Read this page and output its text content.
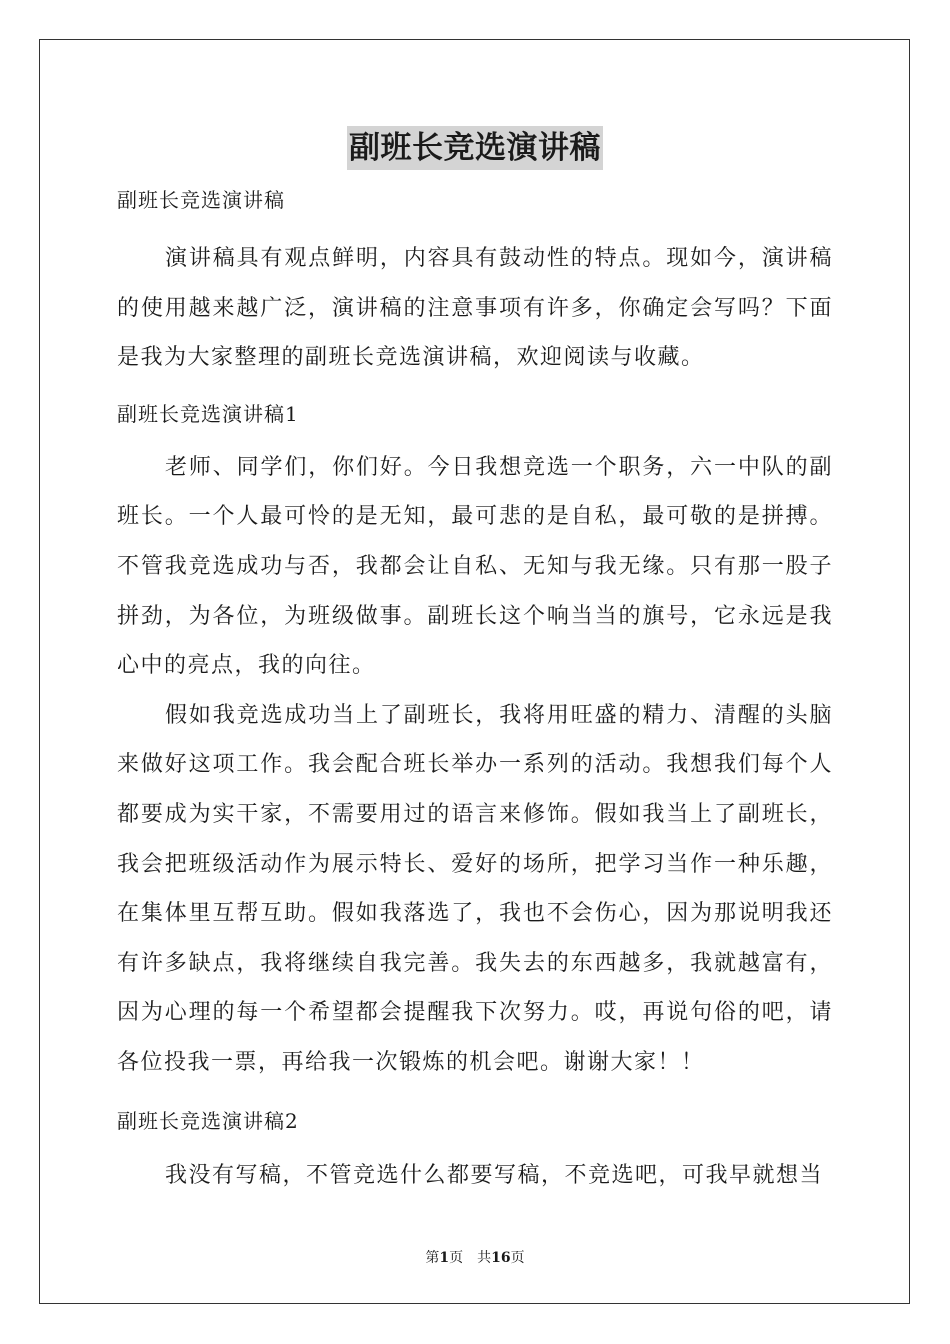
副班长竞选演讲稿

副班长竞选演讲稿

演讲稿具有观点鲜明，内容具有鼓动性的特点。现如今，演讲稿的使用越来越广泛，演讲稿的注意事项有许多，你确定会写吗？下面是我为大家整理的副班长竞选演讲稿，欢迎阅读与收藏。

副班长竞选演讲稿1

老师、同学们，你们好。今日我想竞选一个职务，六一中队的副班长。一个人最可怜的是无知，最可悲的是自私，最可敬的是拼搏。不管我竞选成功与否，我都会让自私、无知与我无缘。只有那一股子拼劲，为各位，为班级做事。副班长这个响当当的旗号，它永远是我心中的亮点，我的向往。

假如我竞选成功当上了副班长，我将用旺盛的精力、清醒的头脑来做好这项工作。我会配合班长举办一系列的活动。我想我们每个人都要成为实干家，不需要用过的语言来修饰。假如我当上了副班长，我会把班级活动作为展示特长、爱好的场所，把学习当作一种乐趣，在集体里互帮互助。假如我落选了，我也不会伤心，因为那说明我还有许多缺点，我将继续自我完善。我失去的东西越多，我就越富有，因为心理的每一个希望都会提醒我下次努力。哎，再说句俗的吧，请各位投我一票，再给我一次锻炼的机会吧。谢谢大家！！

副班长竞选演讲稿2

我没有写稿，不管竞选什么都要写稿，不竞选吧，可我早就想当

第1页 共16页
